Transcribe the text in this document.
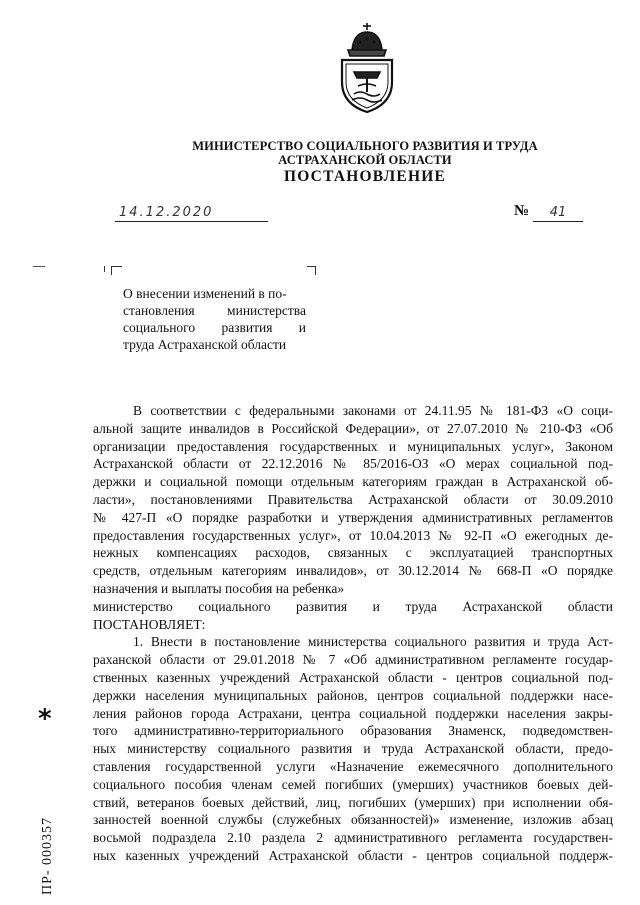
МИНИСТЕРСТВО СОЦИАЛЬНОГО РАЗВИТИЯ И ТРУДА
АСТРАХАНСКОЙ ОБЛАСТИ
ПОСТАНОВЛЕНИЕ
14.12.2020	№	41
О внесении изменений в по-
становления министерства
социального развития и
труда Астраханской области
В соответствии с федеральными законами от 24.11.95 № 181-ФЗ «О соци-
альной защите инвалидов в Российской Федерации», от 27.07.2010 № 210-ФЗ «Об
организации предоставления государственных и муниципальных услуг», Законом
Астраханской области от 22.12.2016 № 85/2016-ОЗ «О мерах социальной под-
держки и социальной помощи отдельным категориям граждан в Астраханской об-
ласти», постановлениями Правительства Астраханской области от 30.09.2010
№ 427-П «О порядке разработки и утверждения административных регламентов
предоставления государственных услуг», от 10.04.2013 № 92-П «О ежегодных де-
нежных компенсациях расходов, связанных с эксплуатацией транспортных
средств, отдельным категориям инвалидов», от 30.12.2014 № 668-П «О порядке
назначения и выплаты пособия на ребенка»
министерство социального развития и труда Астраханской области
ПОСТАНОВЛЯЕТ:
1. Внести в постановление министерства социального развития и труда Аст-
раханской области от 29.01.2018 № 7 «Об административном регламенте государ-
ственных казенных учреждений Астраханской области - центров социальной под-
держки населения муниципальных районов, центров социальной поддержки насе-
ления районов города Астрахани, центра социальной поддержки населения закры-
того административно-территориального образования Знаменск, подведомствен-
ных министерству социального развития и труда Астраханской области, предо-
ставления государственной услуги «Назначение ежемесячного дополнительного
социального пособия членам семей погибших (умерших) участников боевых дей-
ствий, ветеранов боевых действий, лиц, погибших (умерших) при исполнении обя-
занностей военной службы (служебных обязанностей)» изменение, изложив абзац
восьмой подраздела 2.10 раздела 2 административного регламента государствен-
ных казенных учреждений Астраханской области - центров социальной поддерж-
*
ПР- 000357
